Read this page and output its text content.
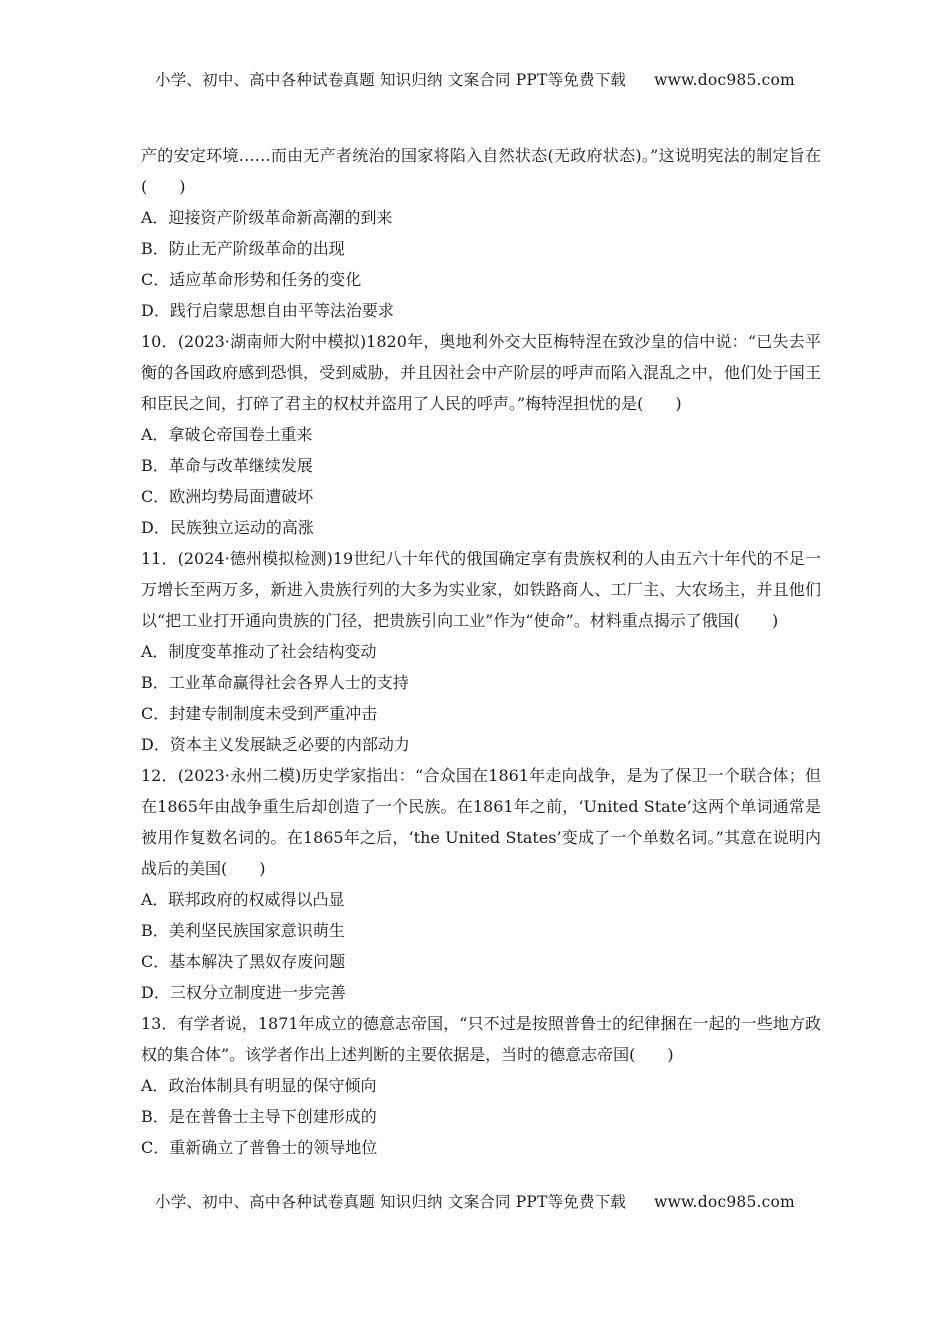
小学、初中、高中各种试卷真题 知识归纳 文案合同 PPT等免费下载 www.doc985.com

产的安定环境……而由无产者统治的国家将陷入自然状态(无政府状态)。”这说明宪法的制定旨在(　　)

A．迎接资产阶级革命新高潮的到来

B．防止无产阶级革命的出现

C．适应革命形势和任务的变化

D．践行启蒙思想自由平等法治要求

10．(2023·湖南师大附中模拟)1820年，奥地利外交大臣梅特涅在致沙皇的信中说：“已失去平衡的各国政府感到恐惧，受到威胁，并且因社会中产阶层的呼声而陷入混乱之中，他们处于国王和臣民之间，打碎了君主的权杖并盗用了人民的呼声。”梅特涅担忧的是(　　)

A．拿破仑帝国卷土重来

B．革命与改革继续发展

C．欧洲均势局面遭破坏

D．民族独立运动的高涨

11．(2024·德州模拟检测)19世纪八十年代的俄国确定享有贵族权利的人由五六十年代的不足一万增长至两万多，新进入贵族行列的大多为实业家，如铁路商人、工厂主、大农场主，并且他们以“把工业打开通向贵族的门径，把贵族引向工业”作为“使命”。材料重点揭示了俄国(　　)

A．制度变革推动了社会结构变动

B．工业革命赢得社会各界人士的支持

C．封建专制制度未受到严重冲击

D．资本主义发展缺乏必要的内部动力

12．(2023·永州二模)历史学家指出：“合众国在1861年走向战争，是为了保卫一个联合体；但在1865年由战争重生后却创造了一个民族。在1861年之前，‘United State’这两个单词通常是被用作复数名词的。在1865年之后，‘the United States’变成了一个单数名词。”其意在说明内战后的美国(　　)

A．联邦政府的权威得以凸显

B．美利坚民族国家意识萌生

C．基本解决了黑奴存废问题

D．三权分立制度进一步完善

13．有学者说，1871年成立的德意志帝国，“只不过是按照普鲁士的纪律捆在一起的一些地方政权的集合体”。该学者作出上述判断的主要依据是，当时的德意志帝国(　　)

A．政治体制具有明显的保守倾向

B．是在普鲁士主导下创建形成的

C．重新确立了普鲁士的领导地位

小学、初中、高中各种试卷真题 知识归纳 文案合同 PPT等免费下载 www.doc985.com
